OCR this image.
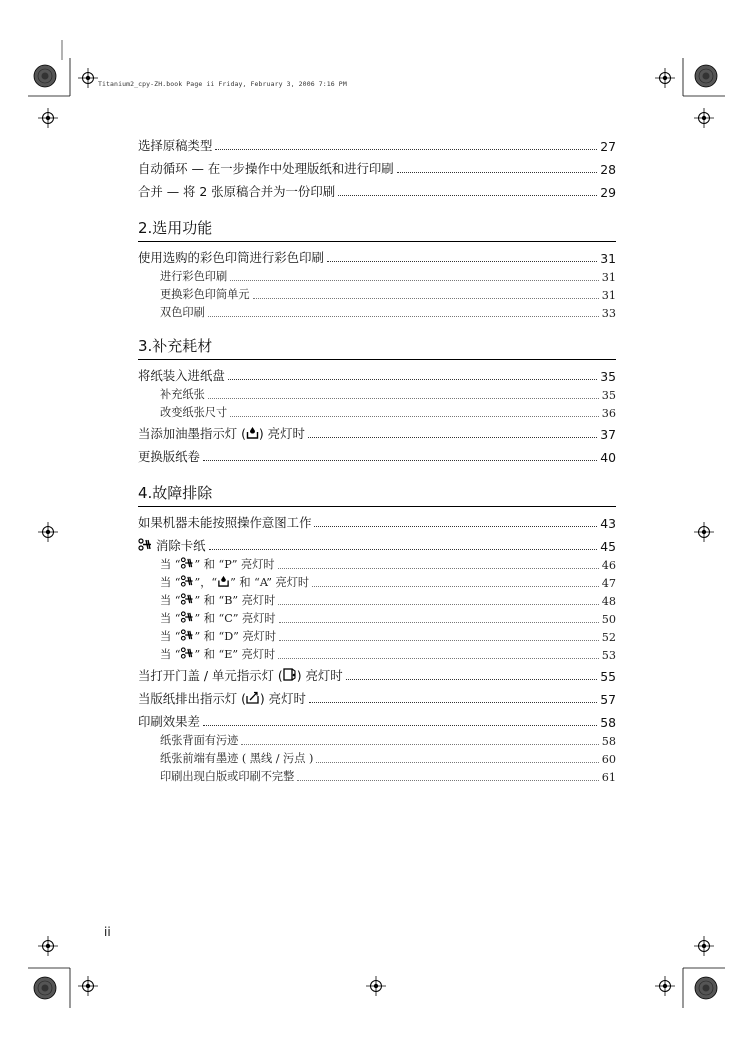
Titanium2_cpy-ZH.book Page ii Friday, February 3, 2006 7:16 PM
选择原稿类型	27
自动循环 — 在一步操作中处理版纸和进行印刷	28
合并 — 将 2 张原稿合并为一份印刷	29
2.选用功能
使用选购的彩色印筒进行彩色印刷	31
进行彩色印刷	31
更换彩色印筒单元	31
双色印刷	33
3.补充耗材
将纸装入进纸盘	35
补充纸张	35
改变纸张尺寸	36
当添加油墨指示灯 ( ) 亮灯时	37
更换版纸卷	40
4.故障排除
如果机器未能按照操作意图工作	43
消除卡纸	45
当 “ ” 和 “P” 亮灯时	46
当 “ ”，“ ” 和 “A” 亮灯时	47
当 “ ” 和 “B” 亮灯时	48
当 “ ” 和 “C” 亮灯时	50
当 “ ” 和 “D” 亮灯时	52
当 “ ” 和 “E” 亮灯时	53
当打开门盖 / 单元指示灯 ( ) 亮灯时	55
当版纸排出指示灯 ( ) 亮灯时	57
印刷效果差	58
纸张背面有污迹	58
纸张前端有墨迹 ( 黑线 / 污点 )	60
印刷出现白版或印刷不完整	61
ii
